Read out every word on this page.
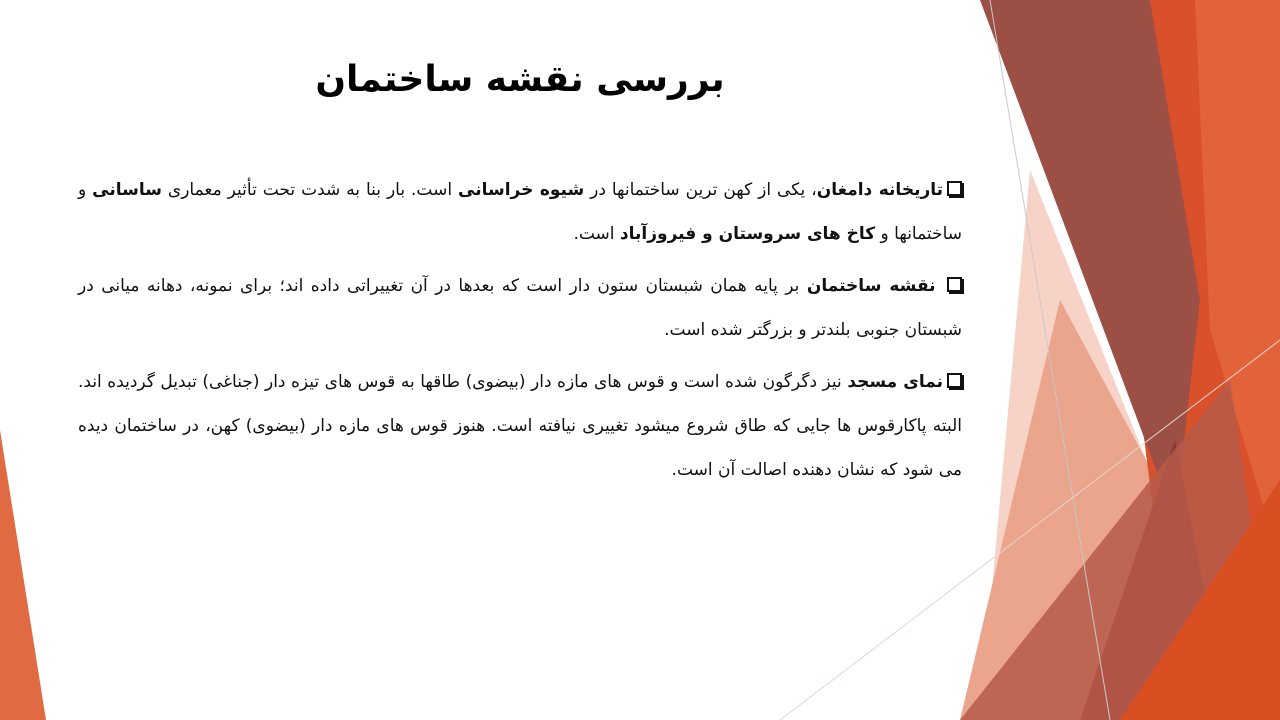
بررسی نقشه ساختمان

تاریخانه دامغان، یکی از کهن ترین ساختمانها در شیوه خراسانی است. بار بنا به شدت تحت تأثیر معماری ساسانی و ساختمانها و کاخ های سروستان و فیروزآباد است.

نقشه ساختمان بر پایه همان شبستان ستون دار است که بعدها در آن تغییراتی داده اند؛ برای نمونه، دهانه میانی در شبستان جنوبی بلندتر و بزرگتر شده است.

نمای مسجد نیز دگرگون شده است و قوس های مازه دار (بیضوی) طاقها به قوس های تیزه دار (جناغی) تبدیل گردیده اند. البته پاکارقوس ها جایی که طاق شروع میشود تغییری نیافته است. هنوز قوس های مازه دار (بیضوی) کهن، در ساختمان دیده می شود که نشان دهنده اصالت آن است.
